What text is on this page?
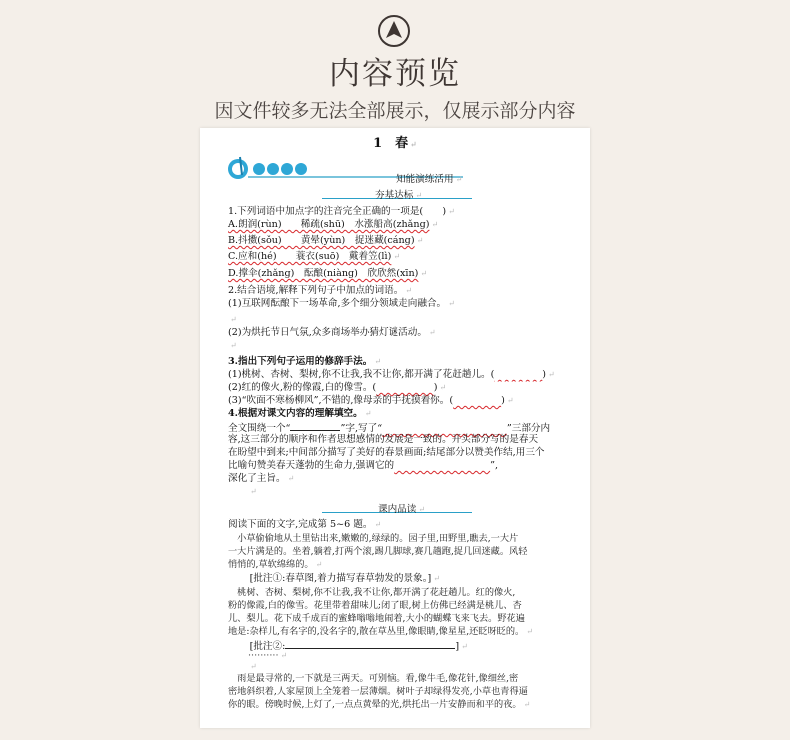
内容预览
因文件较多无法全部展示，仅展示部分内容
1　春 ↵
知能演练活用 ↵
夯基达标 ↵
1.下列词语中加点字的注音完全正确的一项是(　　) ↵
A.朗润(rùn)　　稀疏(shū)　水涨船高(zhǎng) ↵
B.抖擞(sǒu)　　黄晕(yùn)　捉迷藏(cáng) ↵
C.应和(hé)　　蓑衣(suō)　戴着笠(lì) ↵
D.撑伞(zhǎng)　酝酿(niàng)　欣欣然(xīn) ↵
2.结合语境,解释下列句子中加点的词语。 ↵
(1)互联网酝酿下一场革命,多个细分领域走向融合。 ↵
↵
(2)为烘托节日气氛,众多商场举办猜灯谜活动。 ↵
↵
3.指出下列句子运用的修辞手法。 ↵
(1)桃树、杏树、梨树,你不让我,我不让你,都开满了花赶趟儿。(　　　　　	) ↵
(2)红的像火,粉的像霞,白的像雪。(　　　　　　	) ↵
(3)“吹面不寒杨柳风”,不错的,像母亲的手抚摸着你。(　　　　　	) ↵
4.根据对课文内容的理解填空。 ↵
全文围绕一个“	”字,写了“　　　　　　　　　　　　　	”三部分内
容,这三部分的顺序和作者思想感情的发展是一致的。开头部分写的是春天
在盼望中到来;中间部分描写了美好的春景画面;结尾部分以赞美作结,用三个
比喻句赞美春天蓬勃的生命力,强调它的　　　　　　　　　　	”,
深化了主旨。 ↵
↵
课内品读 ↵
阅读下面的文字,完成第 5~6 题。 ↵
　小草偷偷地从土里钻出来,嫩嫩的,绿绿的。园子里,田野里,瞧去,一大片
一大片满是的。坐着,躺着,打两个滚,踢几脚球,赛几趟跑,捉几回迷藏。风轻
悄悄的,草软绵绵的。 ↵
　[批注①:春草图,着力描写春草勃发的景象。] ↵
　桃树、杏树、梨树,你不让我,我不让你,都开满了花赶趟儿。红的像火,
粉的像霞,白的像雪。花里带着甜味儿;闭了眼,树上仿佛已经满是桃儿、杏
儿、梨儿。花下成千成百的蜜蜂嗡嗡地闹着,大小的蝴蝶飞来飞去。野花遍
地是:杂样儿,有名字的,没名字的,散在草丛里,像眼睛,像星星,还眨呀眨的。 ↵
　[批注②:	] ↵
·········· ↵
↵
　雨是最寻常的,一下就是三两天。可别恼。看,像牛毛,像花针,像细丝,密
密地斜织着,人家屋顶上全笼着一层薄烟。树叶子却绿得发亮,小草也青得逼
你的眼。傍晚时候,上灯了,一点点黄晕的光,烘托出一片安静而和平的夜。 ↵
